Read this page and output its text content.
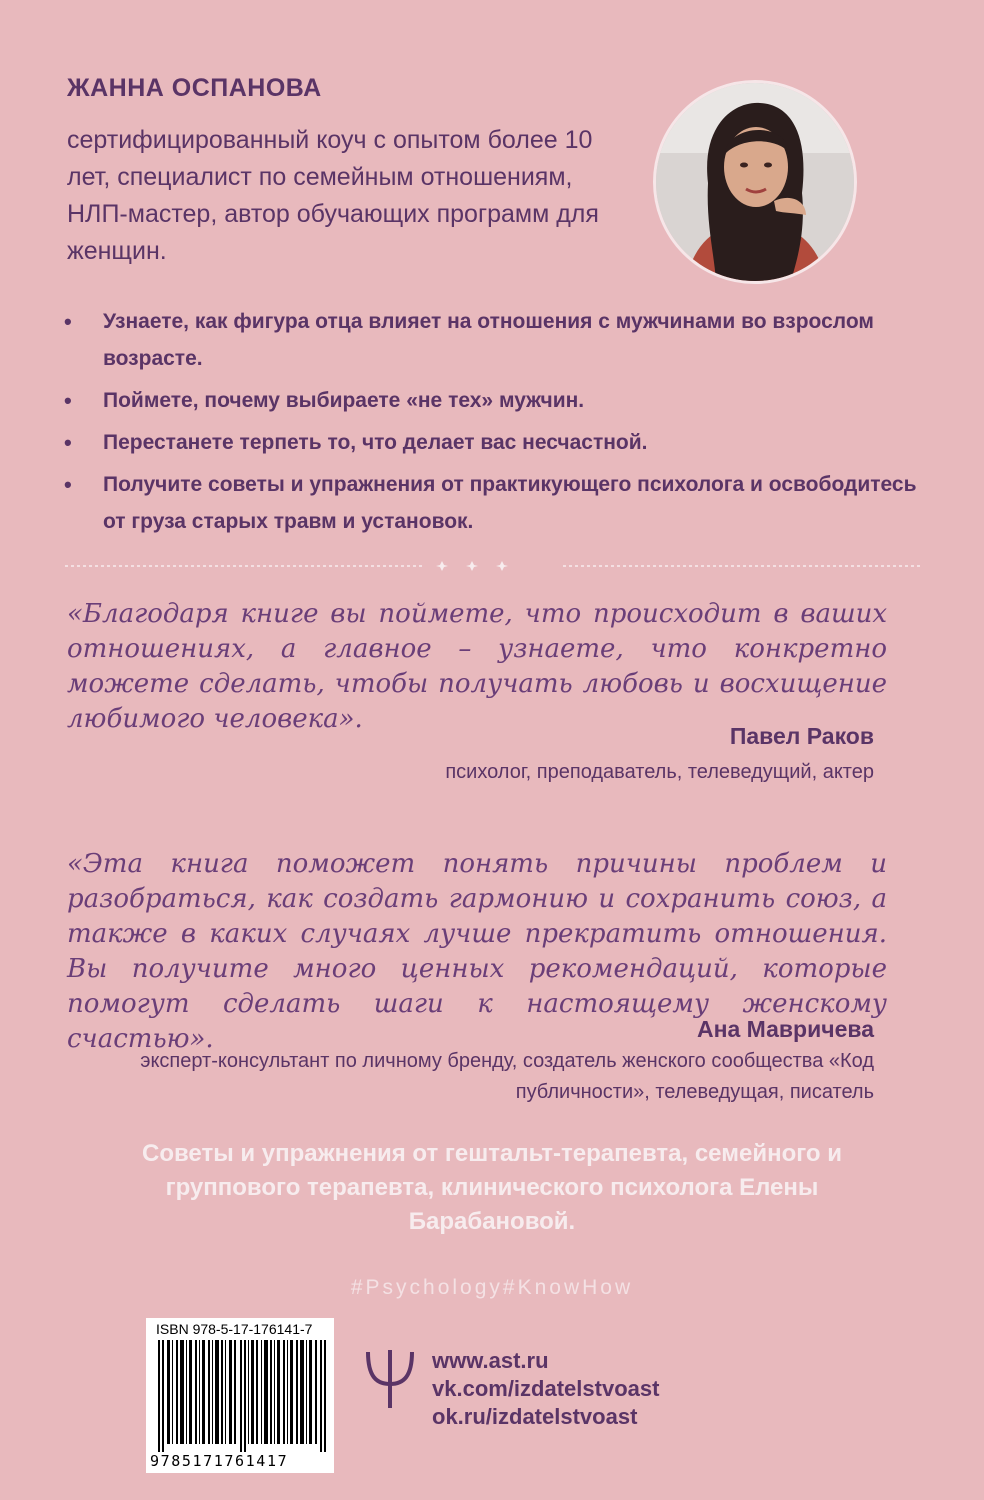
ЖАННА ОСПАНОВА
сертифицированный коуч с опытом более 10 лет, специалист по семейным отношениям, НЛП-мастер, автор обучающих программ для женщин.
• Узнаете, как фигура отца влияет на отношения с мужчинами во взрослом возрасте.
• Поймете, почему выбираете «не тех» мужчин.
• Перестанете терпеть то, что делает вас несчастной.
• Получите советы и упражнения от практикующего психолога и освободитесь от груза старых травм и установок.
«Благодаря книге вы поймете, что происходит в ваших отношениях, а главное – узнаете, что конкретно можете сделать, чтобы получать любовь и восхищение любимого человека».
Павел Раков
психолог, преподаватель, телеведущий, актер
«Эта книга поможет понять причины проблем и разобраться, как создать гармонию и сохранить союз, а также в каких случаях лучше прекратить отношения. Вы получите много ценных рекомендаций, которые помогут сделать шаги к настоящему женскому счастью».	Ана Мавричева
эксперт-консультант по личному бренду, создатель женского сообщества «Код публичности», телеведущая, писатель
Советы и упражнения от гештальт-терапевта, семейного и группового терапевта, клинического психолога Елены Барабановой.
#Psychology#KnowHow
ISBN 978-5-17-176141-7
9785171761417
www.ast.ru
vk.com/izdatelstvoast
ok.ru/izdatelstvoast
